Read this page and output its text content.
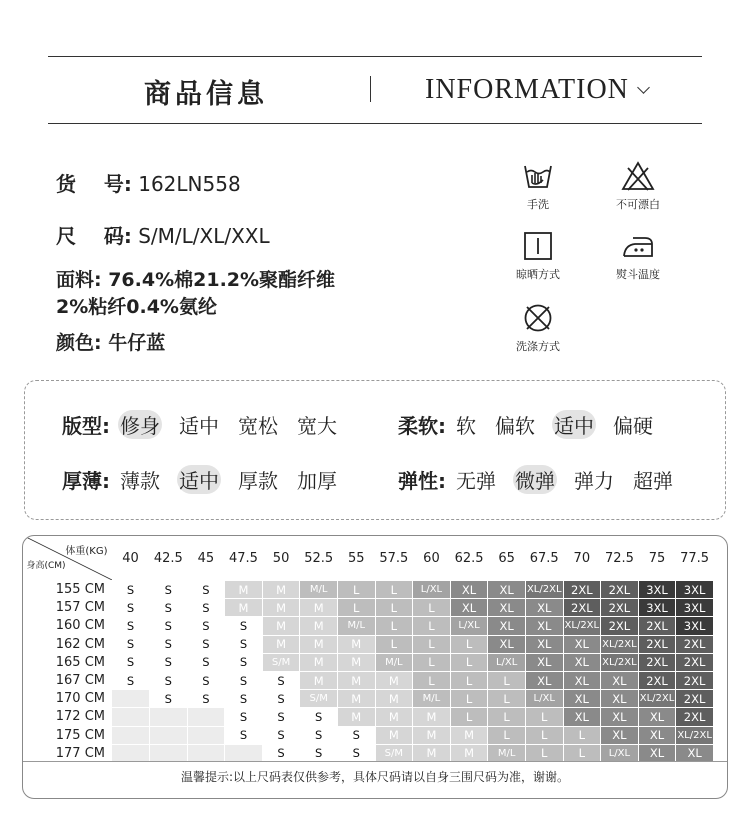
商品信息	INFORMATION
货    号: 162LN558
尺    码: S/M/L/XL/XXL
面料: 76.4%棉21.2%聚酯纤维
2%粘纤0.4%氨纶
颜色: 牛仔蓝
手洗	不可漂白
晾晒方式	熨斗温度
洗涤方式
版型: 修身 适中 宽松 宽大	柔软: 软 偏软 适中 偏硬
厚薄: 薄款 适中 厚款 加厚	弹性: 无弹 微弹 弹力 超弹
体重(KG)
身高(CM)	40	42.5	45	47.5	50	52.5	55	57.5	60	62.5	65	67.5	70	72.5	75	77.5
155 CM	S	S	S	M	M	M/L	L	L	L/XL	XL	XL	XL/2XL	2XL	2XL	3XL	3XL
157 CM	S	S	S	M	M	M	L	L	L	XL	XL	XL	2XL	2XL	3XL	3XL
160 CM	S	S	S	S	M	M	M/L	L	L	L/XL	XL	XL	XL/2XL	2XL	2XL	3XL
162 CM	S	S	S	S	M	M	M	L	L	L	XL	XL	XL	XL/2XL	2XL	2XL
165 CM	S	S	S	S	S/M	M	M	M/L	L	L	L/XL	XL	XL	XL/2XL	2XL	2XL
167 CM	S	S	S	S	S	M	M	M	L	L	L	XL	XL	XL	2XL	2XL
170 CM		S	S	S	S	S/M	M	M	M/L	L	L	L/XL	XL	XL	XL/2XL	2XL
172 CM				S	S	S	M	M	M	L	L	L	XL	XL	XL	2XL
175 CM				S	S	S	S	M	M	M	L	L	L	XL	XL	XL/2XL
177 CM					S	S	S	S/M	M	M	M/L	L	L	L/XL	XL	XL
温馨提示:以上尺码表仅供参考，具体尺码请以自身三围尺码为准，谢谢。
